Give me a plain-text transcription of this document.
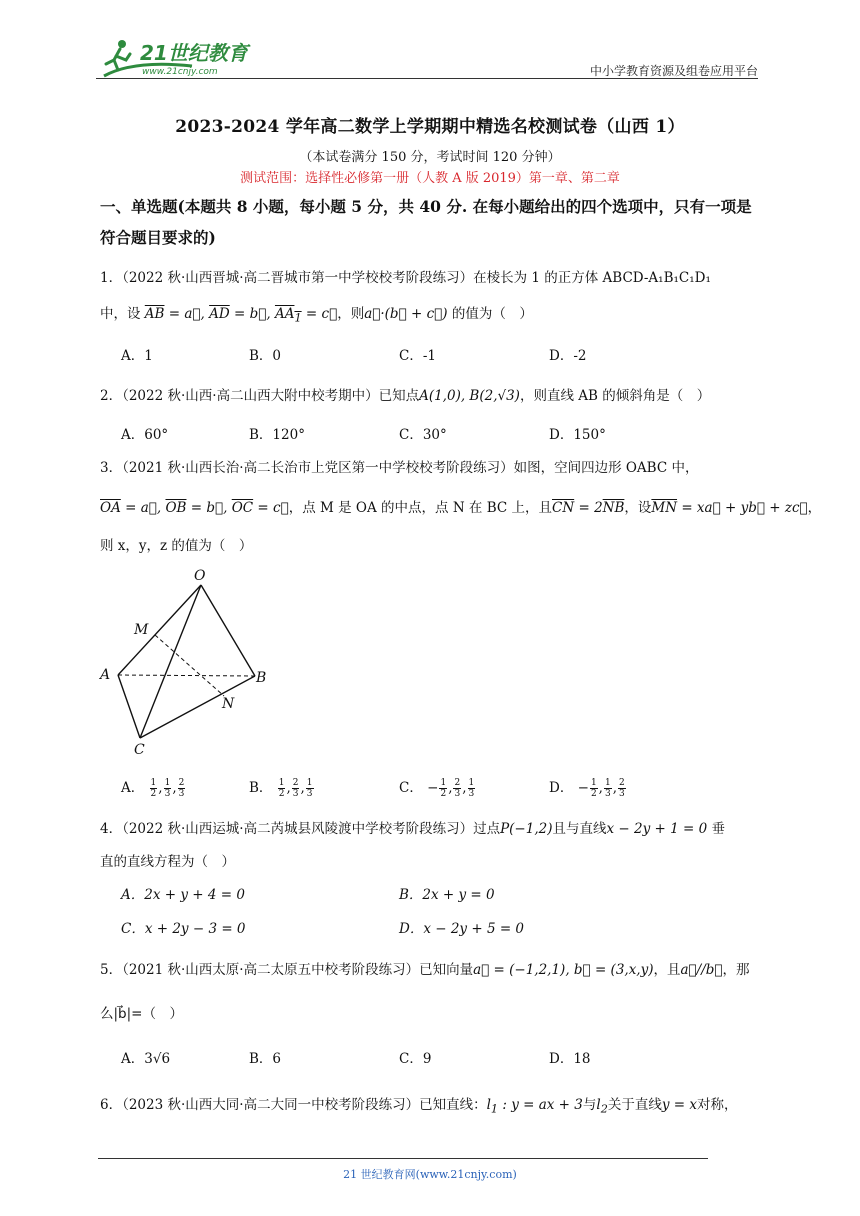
21世纪教育
www.21cnjy.com	中小学教育资源及组卷应用平台
2023-2024 学年高二数学上学期期中精选名校测试卷（山西 1）
（本试卷满分 150 分，考试时间 120 分钟）
测试范围：选择性必修第一册（人教 A 版 2019）第一章、第二章
一、单选题(本题共 8 小题，每小题 5 分，共 40 分. 在每小题给出的四个选项中，只有一项是符合题目要求的)
1．（2022 秋·山西晋城·高二晋城市第一中学校校考阶段练习）在棱长为 1 的正方体 ABCD-A₁B₁C₁D₁
中，设 $\overline{AB}$ = a⃗, $\overline{AD}$ = b⃗, $AA_1$ = c⃗，则a⃗·(b⃗ + c⃗) 的值为（　）
A．1	B．0	C．-1	D．-2
2．（2022 秋·山西·高二山西大附中校考期中）已知点A(1,0), B(2,√3)，则直线 AB 的倾斜角是（　）
A．60°	B．120°	C．30°	D．150°
3．（2021 秋·山西长治·高二长治市上党区第一中学校校考阶段练习）如图，空间四边形 OABC 中，
$\overline{OA}$ = a⃗, $\overline{OB}$ = b⃗, $\overline{OC}$ = c⃗，点 M 是 OA 的中点，点 N 在 BC 上，且$\overline{CN} = 2\overline{NB}$，设$\overline{MN}$ = xa⃗ + yb⃗ + zc⃗，
则 x，y，z 的值为（　）
O
M
A	B
N
C
A． $\frac{1}{2}$ , $\frac{1}{3}$ , $\frac{2}{3}$	B． $\frac{1}{2}$ , $\frac{2}{3}$ , $\frac{1}{3}$	C． − $\frac{1}{2}$ , $\frac{2}{3}$ , $\frac{1}{3}$	D． − $\frac{1}{2}$ , $\frac{1}{3}$ , $\frac{2}{3}$
4．（2022 秋·山西运城·高二芮城县风陵渡中学校考阶段练习）过点P(−1,2)且与直线x − 2y + 1 = 0 垂
直的直线方程为（　）
A．2x + y + 4 = 0	B．2x + y = 0
C．x + 2y − 3 = 0	D．x − 2y + 5 = 0
5．（2021 秋·山西太原·高二太原五中校考阶段练习）已知向量a⃗ = (−1,2,1), b⃗ = (3,x,y)，且a⃗//b⃗，那
么|b⃗|=（　）
A．3√6	B．6	C．9	D．18
6．（2023 秋·山西大同·高二大同一中校考阶段练习）已知直线：$l_1$ : y = ax + 3与$l_2$关于直线y = x对称，
21 世纪教育网(www.21cnjy.com)
